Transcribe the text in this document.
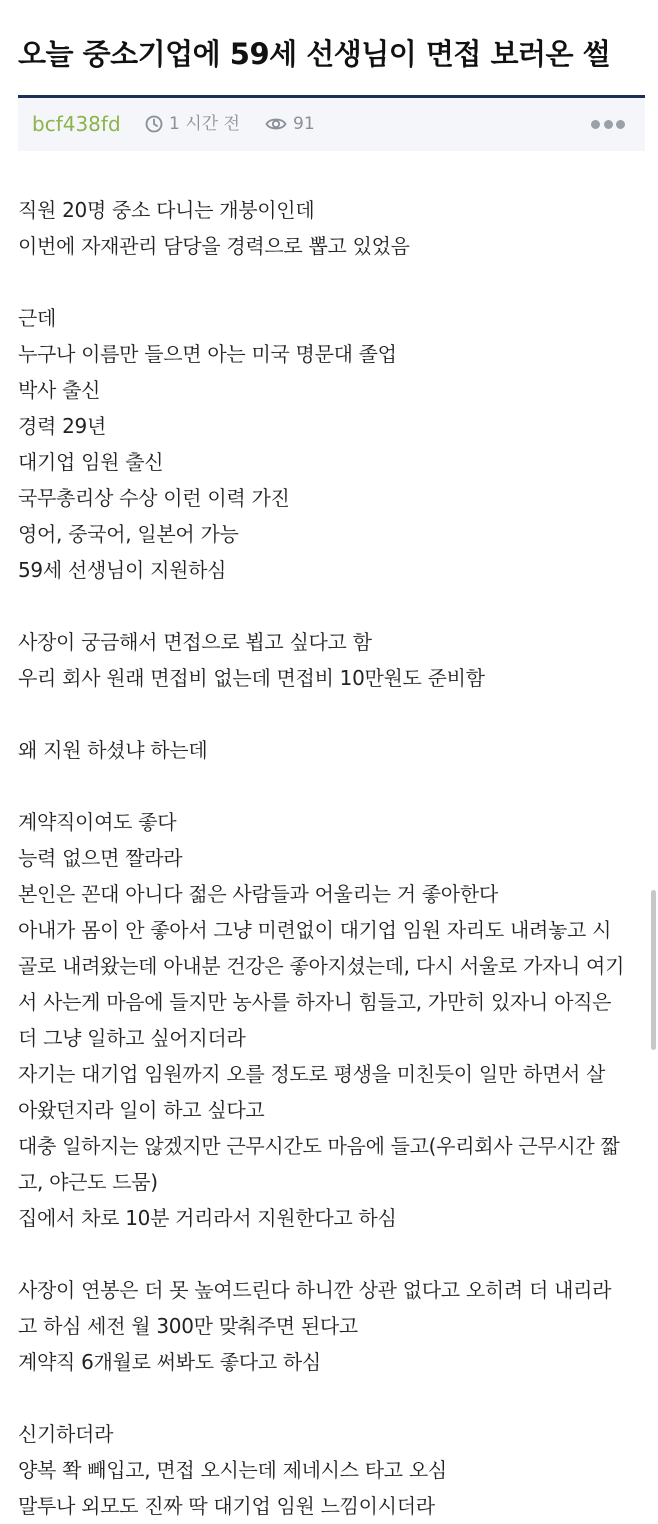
오늘 중소기업에 59세 선생님이 면접 보러온 썰
bcf438fd	1 시간 전	91
직원 20명 중소 다니는 개붕이인데
이번에 자재관리 담당을 경력으로 뽑고 있었음
근데
누구나 이름만 들으면 아는 미국 명문대 졸업
박사 출신
경력 29년
대기업 임원 출신
국무총리상 수상 이런 이력 가진
영어, 중국어, 일본어 가능
59세 선생님이 지원하심
사장이 궁금해서 면접으로 뵙고 싶다고 함
우리 회사 원래 면접비 없는데 면접비 10만원도 준비함
왜 지원 하셨냐 하는데
계약직이여도 좋다
능력 없으면 짤라라
본인은 꼰대 아니다 젊은 사람들과 어울리는 거 좋아한다
아내가 몸이 안 좋아서 그냥 미련없이 대기업 임원 자리도 내려놓고 시
골로 내려왔는데 아내분 건강은 좋아지셨는데, 다시 서울로 가자니 여기
서 사는게 마음에 들지만 농사를 하자니 힘들고, 가만히 있자니 아직은
더 그냥 일하고 싶어지더라
자기는 대기업 임원까지 오를 정도로 평생을 미친듯이 일만 하면서 살
아왔던지라 일이 하고 싶다고
대충 일하지는 않겠지만 근무시간도 마음에 들고(우리회사 근무시간 짧
고, 야근도 드뭄)
집에서 차로 10분 거리라서 지원한다고 하심
사장이 연봉은 더 못 높여드린다 하니깐 상관 없다고 오히려 더 내리라
고 하심 세전 월 300만 맞춰주면 된다고
계약직 6개월로 써봐도 좋다고 하심
신기하더라
양복 쫙 빼입고, 면접 오시는데 제네시스 타고 오심
말투나 외모도 진짜 딱 대기업 임원 느낌이시더라
